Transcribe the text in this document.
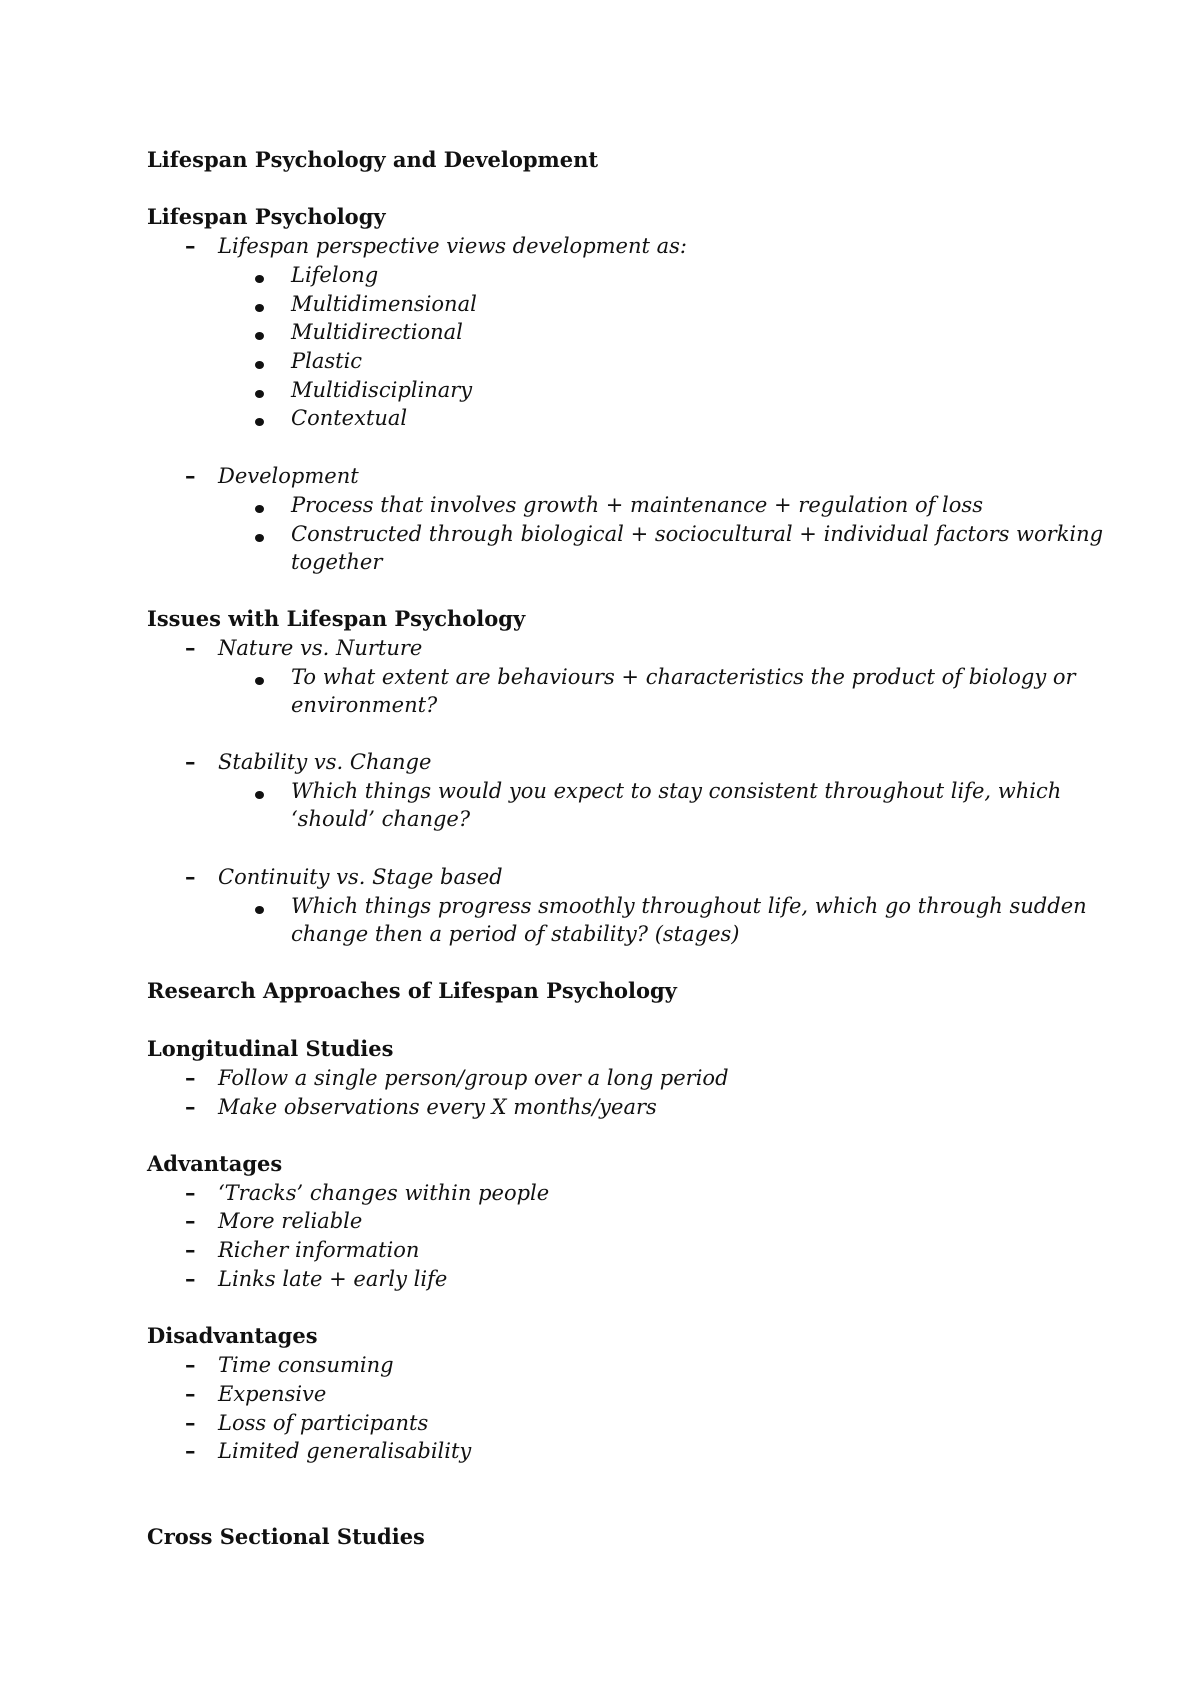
Lifespan Psychology and Development
Lifespan Psychology
– Lifespan perspective views development as:
Lifelong
Multidimensional
Multidirectional
Plastic
Multidisciplinary
Contextual
– Development
Process that involves growth + maintenance + regulation of loss
Constructed through biological + sociocultural + individual factors working
together
Issues with Lifespan Psychology
– Nature vs. Nurture
To what extent are behaviours + characteristics the product of biology or
environment?
– Stability vs. Change
Which things would you expect to stay consistent throughout life, which
‘should’ change?
– Continuity vs. Stage based
Which things progress smoothly throughout life, which go through sudden
change then a period of stability? (stages)
Research Approaches of Lifespan Psychology
Longitudinal Studies
– Follow a single person/group over a long period
– Make observations every X months/years
Advantages
– ‘Tracks’ changes within people
– More reliable
– Richer information
– Links late + early life
Disadvantages
– Time consuming
– Expensive
– Loss of participants
– Limited generalisability
Cross Sectional Studies
